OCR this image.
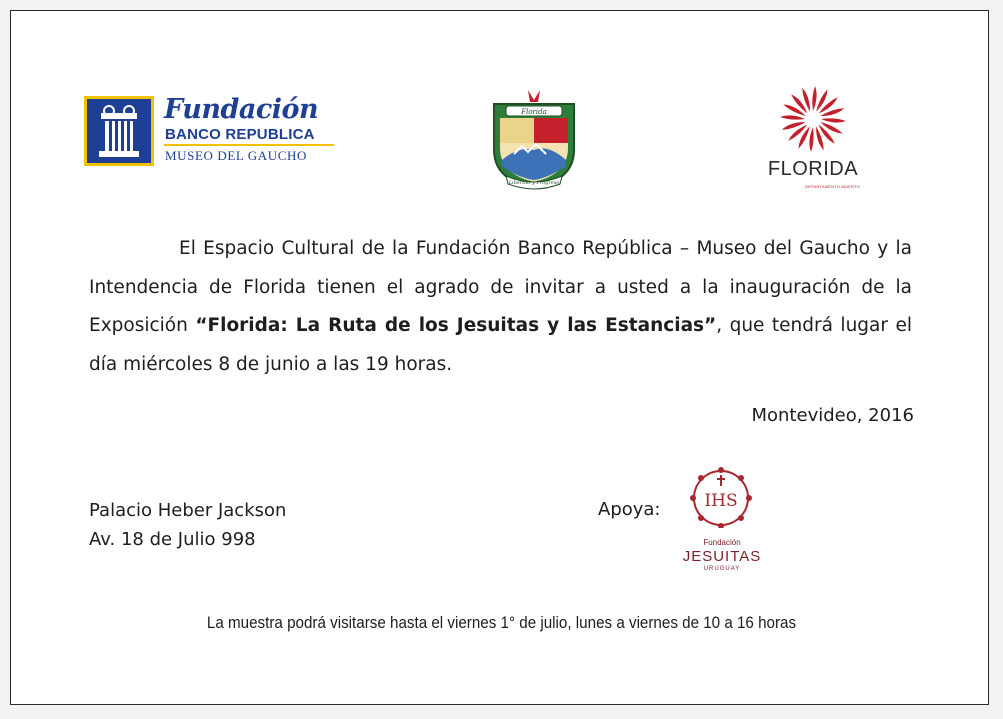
Fundación
BANCO REPUBLICA
MUSEO DEL GAUCHO
Florida
Libertad y Progreso
FLORIDA
DEPARTAMENTO ABIERTO
El Espacio Cultural de la Fundación Banco República – Museo del Gaucho y la Intendencia de Florida tienen el agrado de invitar a usted a la inauguración de la Exposición “Florida: La Ruta de los Jesuitas y las Estancias”, que tendrá lugar el día miércoles 8 de junio a las 19 horas.
Montevideo, 2016
Palacio Heber Jackson
Av. 18 de Julio 998
Apoya:	IHS
Fundación
JESUITAS
URUGUAY
La muestra podrá visitarse hasta el viernes 1° de julio, lunes a viernes de 10 a 16 horas
